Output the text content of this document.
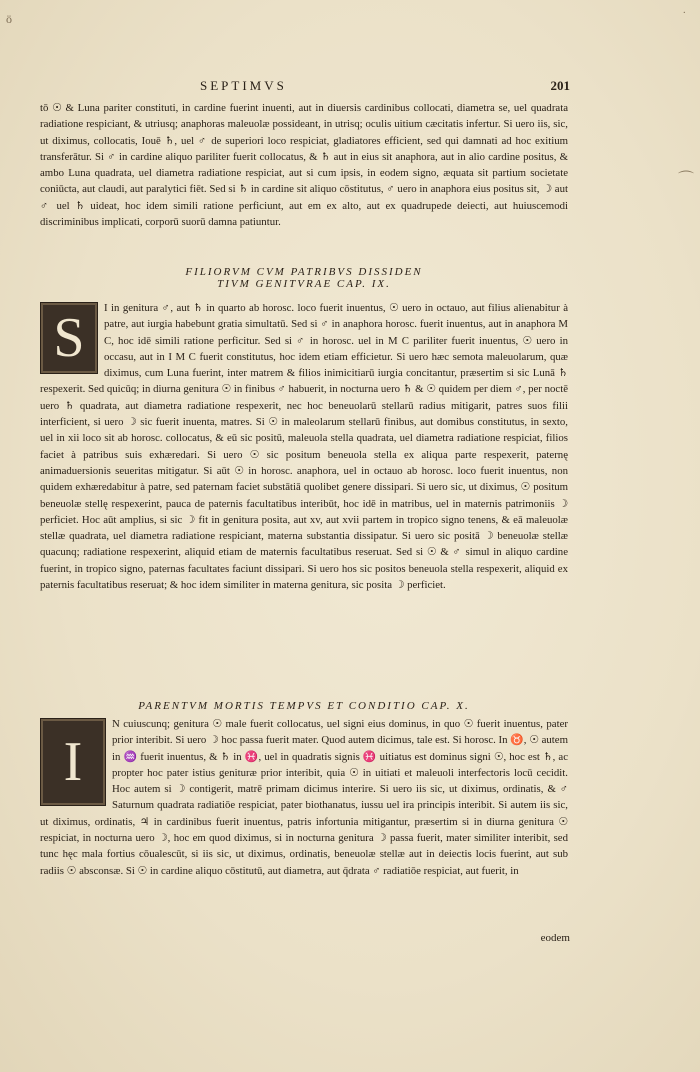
ö	·
⌒
SEPTIMVS	201

tō ☉ & Luna pariter constituti, in cardine fuerint inuenti, aut in diuersis cardinibus collocati, diametra se, uel quadrata radiatione respiciant, & utriusq; anaphoras maleuolæ possideant, in utrisq; oculis uitium cæcitatis infertur. Si uero iis, sic, ut diximus, collocatis, Iouē ♄, uel ♂ de superiori loco respiciat, gladiatores efficient, sed qui damnati ad hoc exitium transferātur. Si ♂ in cardine aliquo pariliter fuerit collocatus, & ♄ aut in eius sit anaphora, aut in alio cardine positus, & ambo Luna quadrata, uel diametra radiatione respiciat, aut si cum ipsis, in eodem signo, æquata sit partium societate coniūcta, aut claudi, aut paralytici fiēt. Sed si ♄ in cardine sit aliquo cōstitutus, ♂ uero in anaphora eius positus sit, ☽ aut ♂ uel ♄ uideat, hoc idem simili ratione perficiunt, aut em ex alto, aut ex quadrupede deiecti, aut huiuscemodi discriminibus implicati, corporū suorū damna patiuntur.

FILIORVM CVM PATRIBVS DISSIDEN
TIVM GENITVRAE CAP. IX.
S	I in genitura ♂, aut ♄ in quarto ab horosc. loco fuerit inuentus, ☉ uero in octauo, aut filius alienabitur à patre, aut iurgia habebunt gratia simultatū. Sed si ♂ in anaphora horosc. fuerit inuentus, aut in anaphora M C, hoc idē simili ratione perficitur. Sed si ♂ in horosc. uel in M C pariliter fuerit inuentus, ☉ uero in occasu, aut in I M C fuerit constitutus, hoc idem etiam efficietur. Si uero hæc semota maleuolarum, quæ diximus, cum Luna fuerint, inter matrem & filios inimicitiarū iurgia concitantur, præsertim si sic Lunā ♄ respexerit. Sed quicūq; in diurna genitura ☉ in finibus ♂ habuerit, in nocturna uero ♄ & ☉ quidem per diem ♂, per noctē uero ♄ quadrata, aut diametra radiatione respexerit, nec hoc beneuolarū stellarū radius mitigarit, patres suos filii interficient, si uero ☽ sic fuerit inuenta, matres. Si ☉ in maleolarum stellarū finibus, aut domibus constitutus, in sexto, uel in xii loco sit ab horosc. collocatus, & eū sic positū, maleuola stella quadrata, uel diametra radiatione respiciat, filios faciet à patribus suis exhæredari. Si uero ☉ sic positum beneuola stella ex aliqua parte respexerit, paternę animaduersionis seueritas mitigatur. Si aūt ☉ in horosc. anaphora, uel in octauo ab horosc. loco fuerit inuentus, non quidem exhæredabitur à patre, sed paternam faciet substātiā quolibet genere dissipari. Si uero sic, ut diximus, ☉ positum beneuolæ stellę respexerint, pauca de paternis facultatibus interibūt, hoc idē in matribus, uel in maternis patrimoniis ☽ perficiet. Hoc aūt amplius, si sic ☽ fit in genitura posita, aut xv, aut xvii partem in tropico signo tenens, & eā maleuolæ stellæ quadrata, uel diametra radiatione respiciant, materna substantia dissipatur. Si uero sic positā ☽ beneuolæ stellæ quacunq; radiatione respexerint, aliquid etiam de maternis facultatibus reseruat. Sed si ☉ & ♂ simul in aliquo cardine fuerint, in tropico signo, paternas facultates faciunt dissipari. Si uero hos sic positos beneuola stella respexerit, aliquid ex paternis facultatibus reseruat; & hoc idem similiter in materna genitura, sic posita ☽ perficiet.

PARENTVM MORTIS TEMPVS ET CONDITIO CAP. X.
I

N cuiuscunq; genitura ☉ male fuerit collocatus, uel signi eius dominus, in quo ☉ fuerit inuentus, pater prior interibit. Si uero ☽ hoc passa fuerit mater. Quod autem dicimus, tale est. Si horosc. In ♉, ☉ autem in ♒ fuerit inuentus, & ♄ in ♓, uel in quadratis signis ♓ uitiatus est dominus signi ☉, hoc est ♄, ac propter hoc pater istius genituræ prior interibit, quia ☉ in uitiati et maleuoli interfectoris locū cecidit. Hoc autem si ☽ contigerit, matrē primam dicimus interire. Si uero iis sic, ut diximus, ordinatis, & ♂ Saturnum quadrata radiatiōe respiciat, pater biothanatus, iussu uel ira principis interibit. Si autem iis sic, ut diximus, ordinatis, ♃ in cardinibus fuerit inuentus, patris infortunia mitigantur, præsertim si in diurna genitura ☉ respiciat, in nocturna uero ☽, hoc em quod diximus, si in nocturna genitura ☽ passa fuerit, mater similiter interibit, sed tunc hęc mala fortius cōualescūt, si iis sic, ut diximus, ordinatis, beneuolæ stellæ aut in deiectis locis fuerint, aut sub radiis ☉ absconsæ. Si ☉ in cardine aliquo cōstitutū, aut diametra, aut q̄drata ♂ radiatiōe respiciat, aut fuerit, in

eodem
